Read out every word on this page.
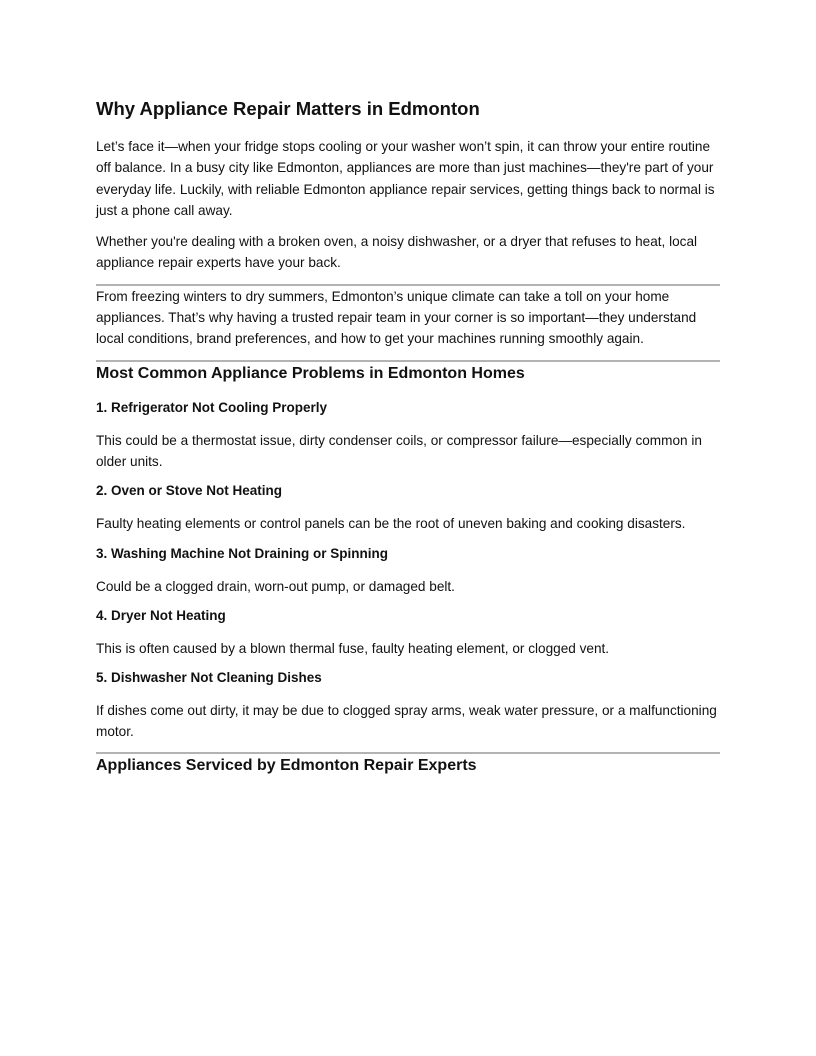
Why Appliance Repair Matters in Edmonton

Let’s face it—when your fridge stops cooling or your washer won’t spin, it can throw your entire routine off balance. In a busy city like Edmonton, appliances are more than just machines—they're part of your everyday life. Luckily, with reliable Edmonton appliance repair services, getting things back to normal is just a phone call away.

Whether you're dealing with a broken oven, a noisy dishwasher, or a dryer that refuses to heat, local appliance repair experts have your back.

From freezing winters to dry summers, Edmonton’s unique climate can take a toll on your home appliances. That’s why having a trusted repair team in your corner is so important—they understand local conditions, brand preferences, and how to get your machines running smoothly again.

Most Common Appliance Problems in Edmonton Homes
1. Refrigerator Not Cooling Properly

This could be a thermostat issue, dirty condenser coils, or compressor failure—especially common in older units.

2. Oven or Stove Not Heating

Faulty heating elements or control panels can be the root of uneven baking and cooking disasters.

3. Washing Machine Not Draining or Spinning

Could be a clogged drain, worn-out pump, or damaged belt.

4. Dryer Not Heating

This is often caused by a blown thermal fuse, faulty heating element, or clogged vent.

5. Dishwasher Not Cleaning Dishes

If dishes come out dirty, it may be due to clogged spray arms, weak water pressure, or a malfunctioning motor.

Appliances Serviced by Edmonton Repair Experts
